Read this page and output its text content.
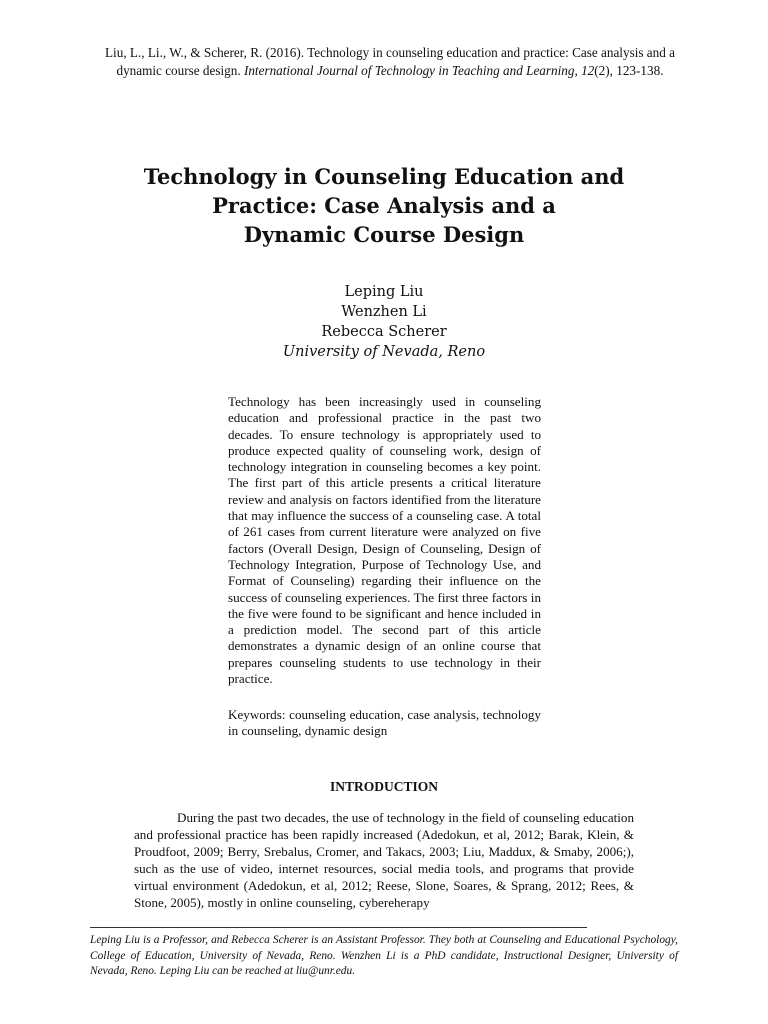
Liu, L., Li., W., & Scherer, R. (2016). Technology in counseling education and practice: Case analysis and a dynamic course design. International Journal of Technology in Teaching and Learning, 12(2), 123-138.
Technology in Counseling Education and
Practice: Case Analysis and a
Dynamic Course Design
Leping Liu
Wenzhen Li
Rebecca Scherer
University of Nevada, Reno

Technology has been increasingly used in counseling education and professional practice in the past two decades. To ensure technology is appropriately used to produce expected quality of counseling work, design of technology integration in counseling becomes a key point. The first part of this article presents a critical literature review and analysis on factors identified from the literature that may influence the success of a counseling case. A total of 261 cases from current literature were analyzed on five factors (Overall Design, Design of Counseling, Design of Technology Integration, Purpose of Technology Use, and Format of Counseling) regarding their influence on the success of counseling experiences. The first three factors in the five were found to be significant and hence included in a prediction model. The second part of this article demonstrates a dynamic design of an online course that prepares counseling students to use technology in their practice.

Keywords: counseling education, case analysis, technology in counseling, dynamic design

INTRODUCTION

During the past two decades, the use of technology in the field of counseling education and professional practice has been rapidly increased (Adedokun, et al, 2012; Barak, Klein, & Proudfoot, 2009; Berry, Srebalus, Cromer, and Takacs, 2003; Liu, Maddux, & Smaby, 2006;), such as the use of video, internet resources, social media tools, and programs that provide virtual environment (Adedokun, et al, 2012; Reese, Slone, Soares, & Sprang, 2012; Rees, & Stone, 2005), mostly in online counseling, cybereherapy

Leping Liu is a Professor, and Rebecca Scherer is an Assistant Professor. They both at Counseling and Educational Psychology, College of Education, University of Nevada, Reno. Wenzhen Li is a PhD candidate, Instructional Designer, University of Nevada, Reno. Leping Liu can be reached at liu@unr.edu.
